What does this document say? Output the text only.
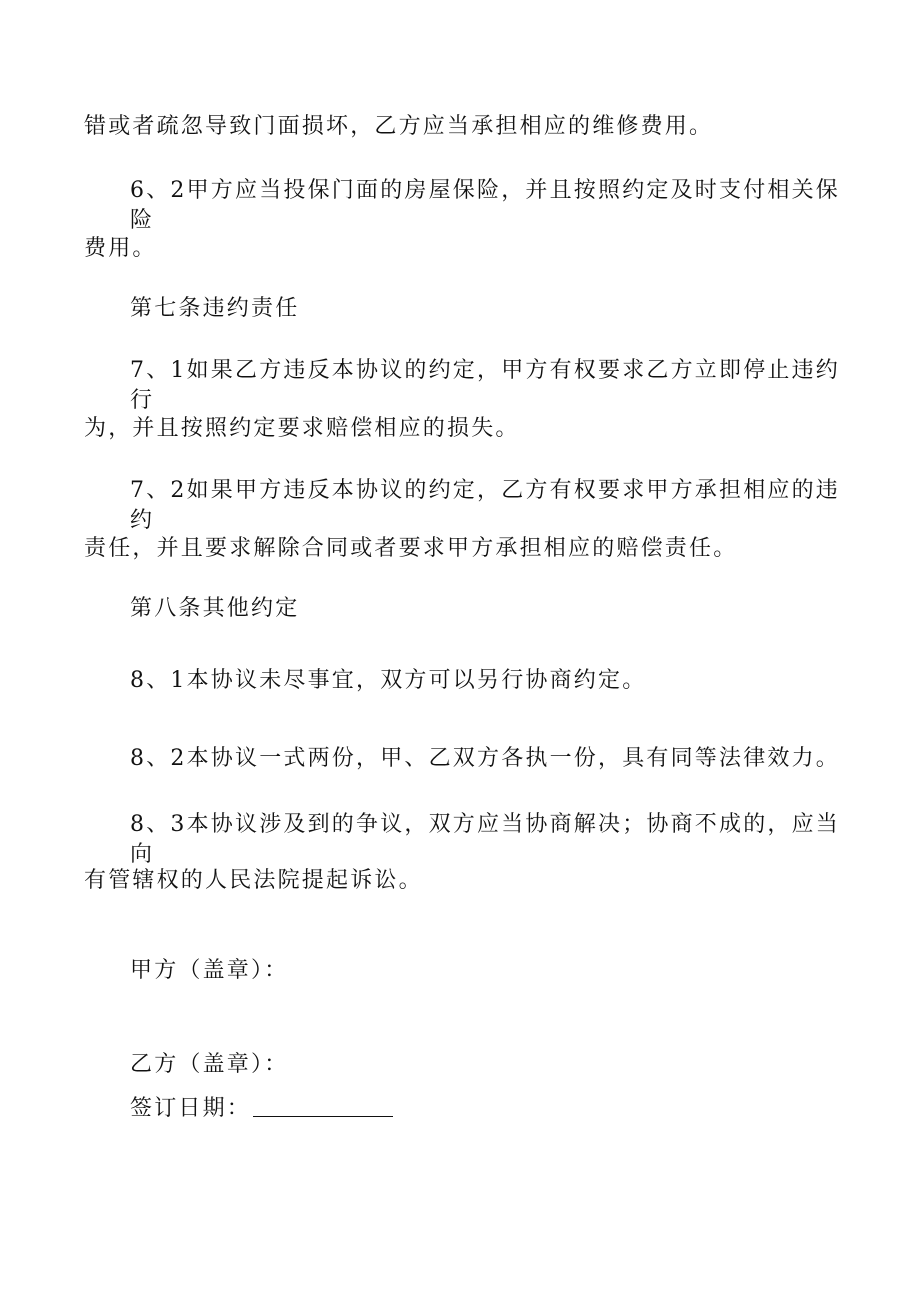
错或者疏忽导致门面损坏，乙方应当承担相应的维修费用。
6、2甲方应当投保门面的房屋保险，并且按照约定及时支付相关保险
费用。
第七条违约责任
7、1如果乙方违反本协议的约定，甲方有权要求乙方立即停止违约行
为，并且按照约定要求赔偿相应的损失。
7、2如果甲方违反本协议的约定，乙方有权要求甲方承担相应的违约
责任，并且要求解除合同或者要求甲方承担相应的赔偿责任。
第八条其他约定
8、1本协议未尽事宜，双方可以另行协商约定。
8、2本协议一式两份，甲、乙双方各执一份，具有同等法律效力。
8、3本协议涉及到的争议，双方应当协商解决；协商不成的，应当向
有管辖权的人民法院提起诉讼。
甲方（盖章）：
乙方（盖章）：
签订日期：
